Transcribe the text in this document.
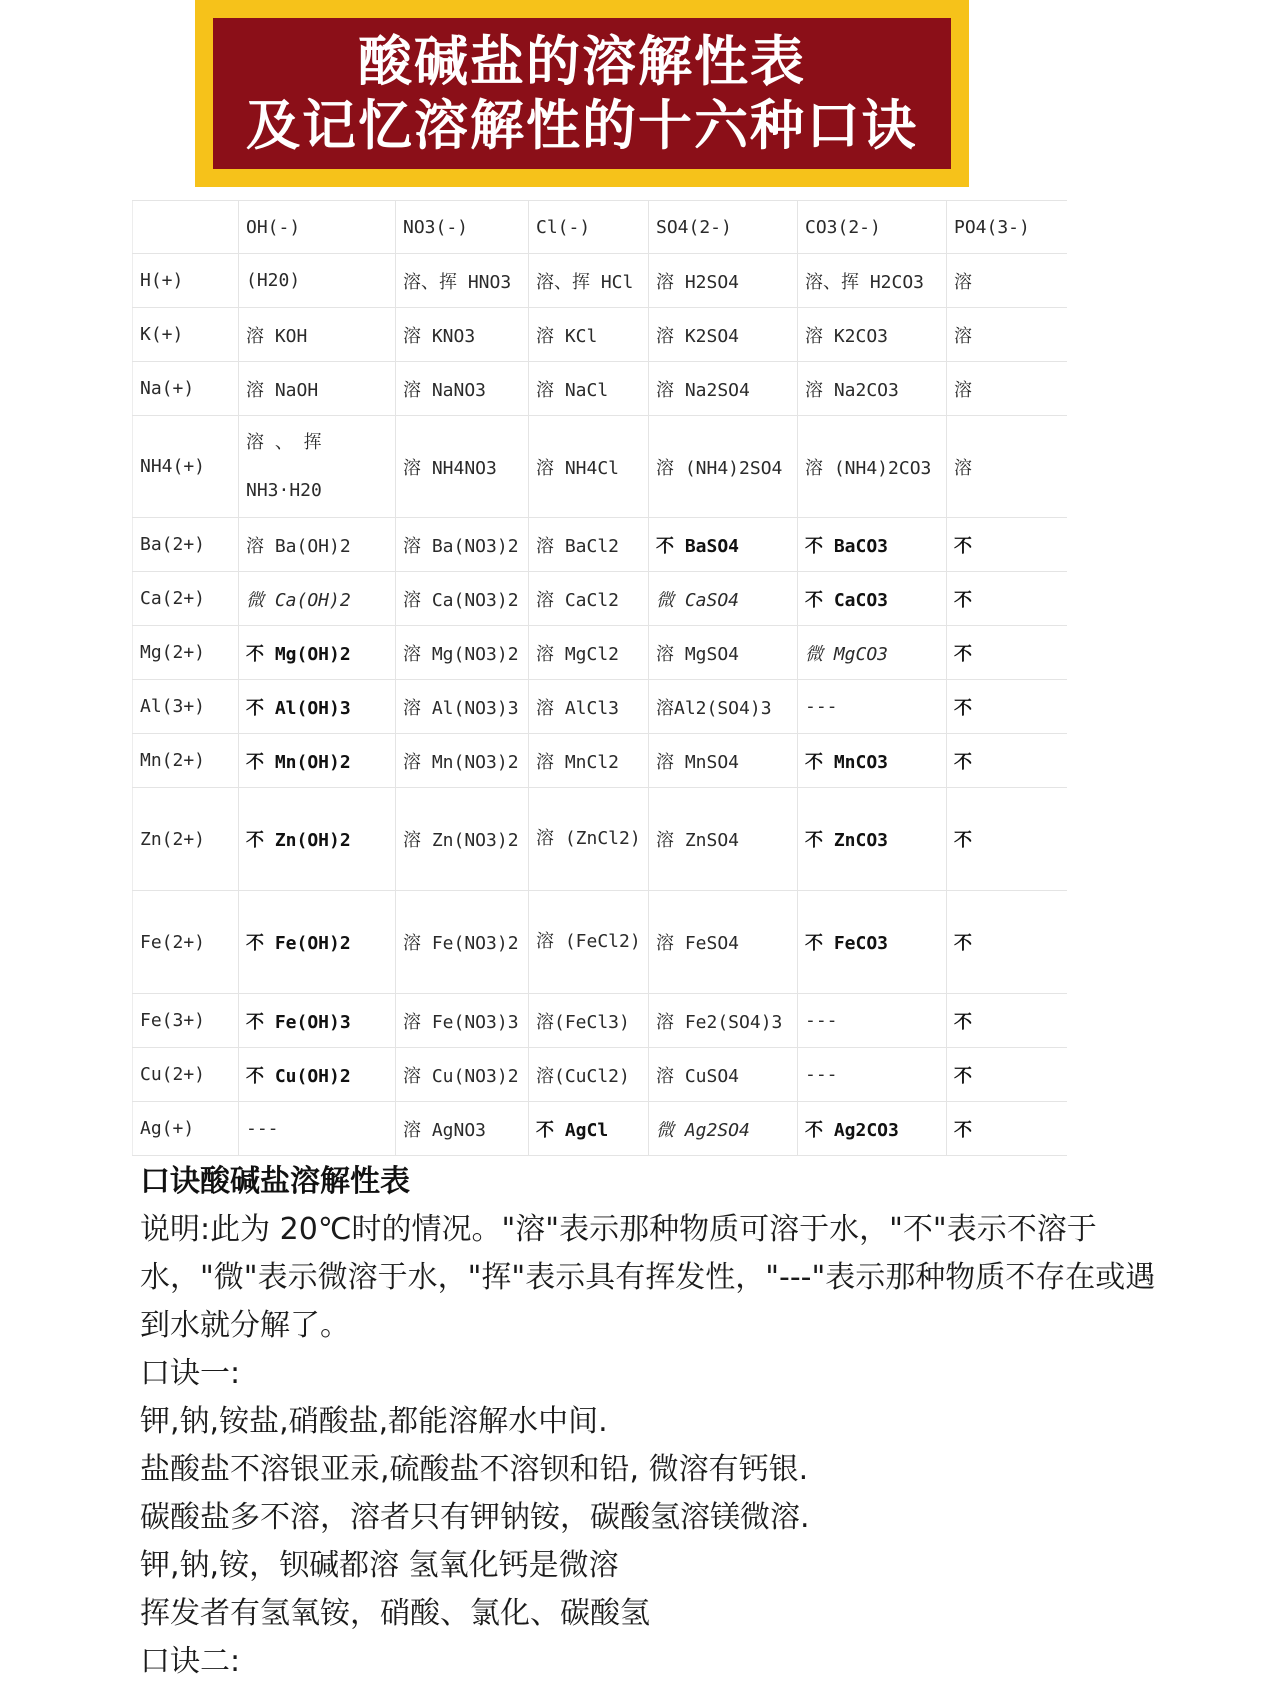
酸碱盐的溶解性表
及记忆溶解性的十六种口诀
	OH(-)	NO3(-)	Cl(-)	SO4(2-)	CO3(2-)	PO4(3-)
H(+)	(H20)	溶、挥 HNO3	溶、挥 HCl	溶 H2SO4	溶、挥 H2CO3	溶
K(+)	溶 KOH	溶 KNO3	溶 KCl	溶 K2SO4	溶 K2CO3	溶
Na(+)	溶 NaOH	溶 NaNO3	溶 NaCl	溶 Na2SO4	溶 Na2CO3	溶
NH4(+)	溶 、 挥 NH3·H20	溶 NH4NO3	溶 NH4Cl	溶 (NH4)2SO4	溶 (NH4)2CO3	溶
Ba(2+)	溶 Ba(OH)2	溶 Ba(NO3)2	溶 BaCl2	不 BaSO4	不 BaCO3	不
Ca(2+)	微 Ca(OH)2	溶 Ca(NO3)2	溶 CaCl2	微 CaSO4	不 CaCO3	不
Mg(2+)	不 Mg(OH)2	溶 Mg(NO3)2	溶 MgCl2	溶 MgSO4	微 MgCO3	不
Al(3+)	不 Al(OH)3	溶 Al(NO3)3	溶 AlCl3	溶Al2(SO4)3	---	不
Mn(2+)	不 Mn(OH)2	溶 Mn(NO3)2	溶 MnCl2	溶 MnSO4	不 MnCO3	不
Zn(2+)	不 Zn(OH)2	溶 Zn(NO3)2	溶 (ZnCl2)	溶 ZnSO4	不 ZnCO3	不
Fe(2+)	不 Fe(OH)2	溶 Fe(NO3)2	溶 (FeCl2)	溶 FeSO4	不 FeCO3	不
Fe(3+)	不 Fe(OH)3	溶 Fe(NO3)3	溶(FeCl3)	溶 Fe2(SO4)3	---	不
Cu(2+)	不 Cu(OH)2	溶 Cu(NO3)2	溶(CuCl2)	溶 CuSO4	---	不
Ag(+)	---	溶 AgNO3	不 AgCl	微 Ag2SO4	不 Ag2CO3	不
口诀酸碱盐溶解性表
说明:此为 20℃时的情况。"溶"表示那种物质可溶于水，"不"表示不溶于水，"微"表示微溶于水，"挥"表示具有挥发性，"---"表示那种物质不存在或遇到水就分解了。
口诀一:
钾,钠,铵盐,硝酸盐,都能溶解水中间.
盐酸盐不溶银亚汞,硫酸盐不溶钡和铅, 微溶有钙银.
碳酸盐多不溶，溶者只有钾钠铵，碳酸氢溶镁微溶.
钾,钠,铵，钡碱都溶 氢氧化钙是微溶
挥发者有氢氧铵，硝酸、氯化、碳酸氢
口诀二:
